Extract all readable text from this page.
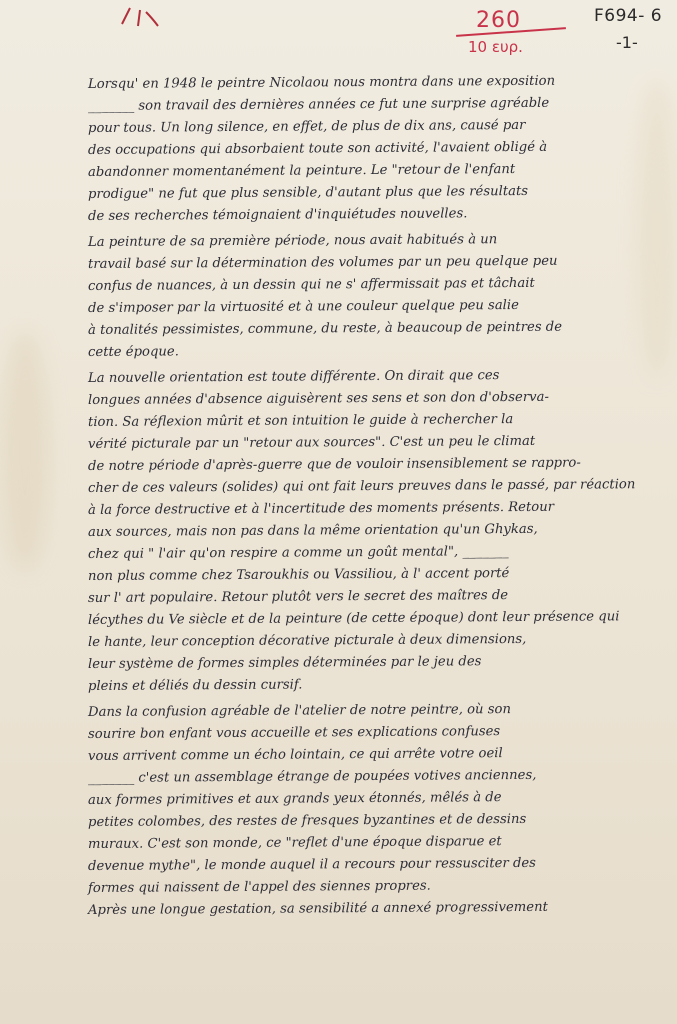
260
10 ευρ.
F694- 6
-1-
Lorsqu' en 1948 le peintre Nicolaou nous montra dans une exposition
_______ son travail des dernières années ce fut une surprise agréable
pour tous. Un long silence, en effet, de plus de dix ans, causé par
des occupations qui absorbaient toute son activité, l'avaient obligé à
abandonner momentanément la peinture. Le "retour de l'enfant
prodigue" ne fut que plus sensible, d'autant plus que les résultats
de ses recherches témoignaient d'inquiétudes nouvelles.
La peinture de sa première période, nous avait habitués à un
travail basé sur la détermination des volumes par un peu quelque peu
confus de nuances, à un dessin qui ne s' affermissait pas et tâchait
de s'imposer par la virtuosité et à une couleur quelque peu salie
à tonalités pessimistes, commune, du reste, à beaucoup de peintres de
cette époque.
La nouvelle orientation est toute différente. On dirait que ces
longues années d'absence aiguisèrent ses sens et son don d'observa-
tion. Sa réflexion mûrit et son intuition le guide à rechercher la
vérité picturale par un "retour aux sources". C'est un peu le climat
de notre période d'après-guerre que de vouloir insensiblement se rappro-
cher de ces valeurs (solides) qui ont fait leurs preuves dans le passé, par réaction
à la force destructive et à l'incertitude des moments présents. Retour
aux sources, mais non pas dans la même orientation qu'un Ghykas,
chez qui " l'air qu'on respire a comme un goût mental", _______
non plus comme chez Tsaroukhis ou Vassiliou, à l' accent porté
sur l' art populaire. Retour plutôt vers le secret des maîtres de
lécythes du Ve siècle et de la peinture (de cette époque) dont leur présence qui
le hante, leur conception décorative picturale à deux dimensions,
leur système de formes simples déterminées par le jeu des
pleins et déliés du dessin cursif.
Dans la confusion agréable de l'atelier de notre peintre, où son
sourire bon enfant vous accueille et ses explications confuses
vous arrivent comme un écho lointain, ce qui arrête votre oeil
_______ c'est un assemblage étrange de poupées votives anciennes,
aux formes primitives et aux grands yeux étonnés, mêlés à de
petites colombes, des restes de fresques byzantines et de dessins
muraux. C'est son monde, ce "reflet d'une époque disparue et
devenue mythe", le monde auquel il a recours pour ressusciter des
formes qui naissent de l'appel des siennes propres.
Après une longue gestation, sa sensibilité a annexé progressivement
